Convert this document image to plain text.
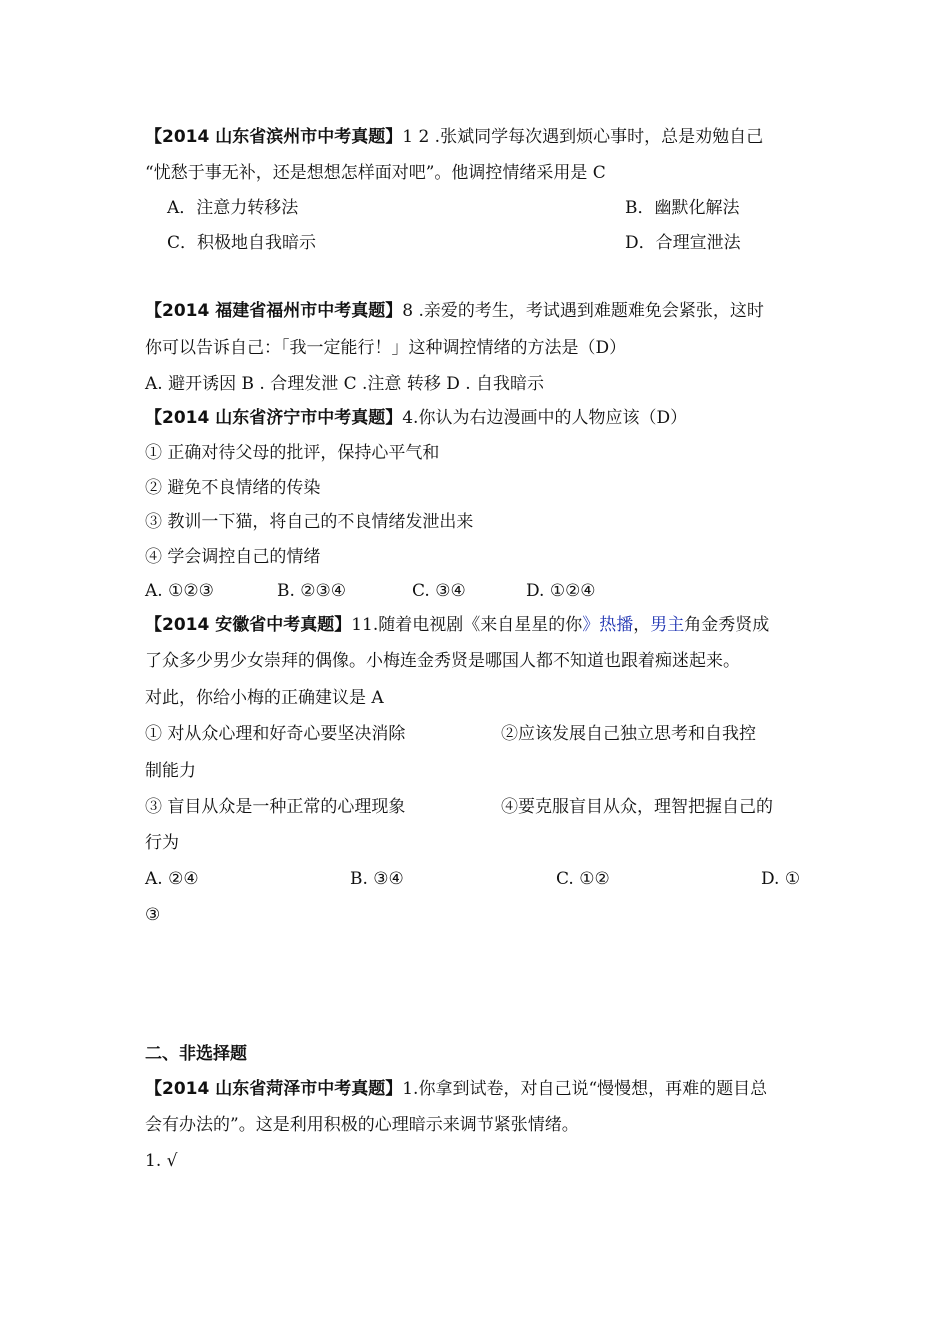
【2014 山东省滨州市中考真题】1 2 .张斌同学每次遇到烦心事时，总是劝勉自己
“忧愁于事无补，还是想想怎样面对吧”。他调控情绪采用是 C
A．注意力转移法	B．幽默化解法
C．积极地自我暗示	D．合理宣泄法
【2014 福建省福州市中考真题】8 .亲爱的考生，考试遇到难题难免会紧张，这时
你可以告诉自己：「我一定能行！」这种调控情绪的方法是（D）
A. 避开诱因 B . 合理发泄 C .注意 转移 D . 自我暗示
【2014 山东省济宁市中考真题】4.你认为右边漫画中的人物应该（D）
① 正确对待父母的批评，保持心平气和
② 避免不良情绪的传染
③ 教训一下猫，将自己的不良情绪发泄出来
④ 学会调控自己的情绪
A. ①②③	B. ②③④	C. ③④	D. ①②④
【2014 安徽省中考真题】11.随着电视剧《来自星星的你》热播，男主角金秀贤成
了众多少男少女崇拜的偶像。小梅连金秀贤是哪国人都不知道也跟着痴迷起来。
对此，你给小梅的正确建议是 A
① 对从众心理和好奇心要坚决消除	②应该发展自己独立思考和自我控
制能力
③ 盲目从众是一种正常的心理现象	④要克服盲目从众，理智把握自己的
行为
A. ②④	B. ③④	C. ①②	D. ①
③
二、非选择题
【2014 山东省菏泽市中考真题】1.你拿到试卷，对自己说“慢慢想，再难的题目总
会有办法的”。这是利用积极的心理暗示来调节紧张情绪。
1. √
